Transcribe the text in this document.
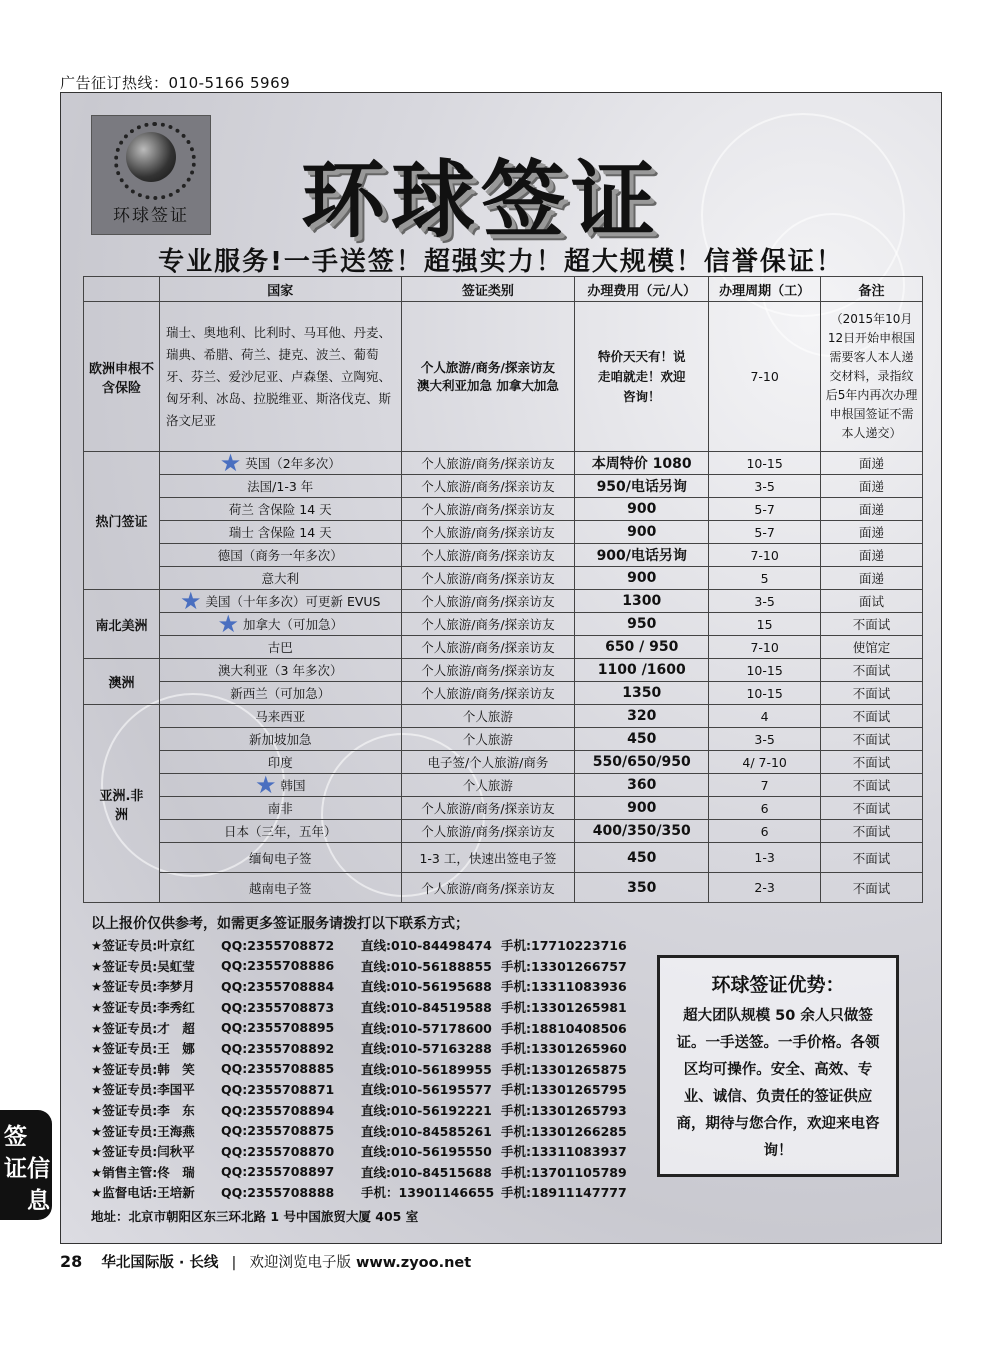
广告征订热线：010-5166 5969
环球签证 环球签证
专业服务!一手送签！超强实力！超大规模！信誉保证！
	国家	签证类别	办理费用（元/人）	办理周期（工）	备注
欧洲申根不含保险	瑞士、奥地利、比利时、马耳他、丹麦、瑞典、希腊、荷兰、捷克、波兰、葡萄牙、芬兰、爱沙尼亚、卢森堡、立陶宛、匈牙利、冰岛、拉脱维亚、斯洛伐克、斯洛文尼亚	个人旅游/商务/探亲访友 澳大利亚加急 加拿大加急	特价天天有！说走咱就走！欢迎咨询！	7-10	（2015年10月12日开始申根国需要客人本人递交材料，录指纹后5年内再次办理申根国签证不需本人递交）
热门签证	★ 英国（2年多次）	个人旅游/商务/探亲访友	本周特价 1080	10-15	面递
	法国/1-3 年	个人旅游/商务/探亲访友	950/电话另询	3-5	面递
	荷兰 含保险 14 天	个人旅游/商务/探亲访友	900	5-7	面递
	瑞士 含保险 14 天	个人旅游/商务/探亲访友	900	5-7	面递
	德国（商务一年多次）	个人旅游/商务/探亲访友	900/电话另询	7-10	面递
	意大利	个人旅游/商务/探亲访友	900	5	面递
南北美洲	★ 美国（十年多次）可更新 EVUS	个人旅游/商务/探亲访友	1300	3-5	面试
	★ 加拿大（可加急）	个人旅游/商务/探亲访友	950	15	不面试
	古巴	个人旅游/商务/探亲访友	650 / 950	7-10	使馆定
澳洲	澳大利亚（3 年多次）	个人旅游/商务/探亲访友	1100 /1600	10-15	不面试
	新西兰（可加急）	个人旅游/商务/探亲访友	1350	10-15	不面试
亚洲.非洲	马来西亚	个人旅游	320	4	不面试
	新加坡加急	个人旅游	450	3-5	不面试
	印度	电子签/个人旅游/商务	550/650/950	4/ 7-10	不面试
	★ 韩国	个人旅游	360	7	不面试
	南非	个人旅游/商务/探亲访友	900	6	不面试
	日本（三年，五年）	个人旅游/商务/探亲访友	400/350/350	6	不面试
	缅甸电子签	1-3 工，快速出签电子签	450	1-3	不面试
	越南电子签	个人旅游/商务/探亲访友	350	2-3	不面试
以上报价仅供参考，如需更多签证服务请拨打以下联系方式；
★签证专员:叶京红	QQ:2355708872	直线:010-84498474 手机:17710223716
★签证专员:吴虹莹	QQ:2355708886	直线:010-56188855 手机:13301266757
★签证专员:李梦月	QQ:2355708884	直线:010-56195688 手机:13311083936
★签证专员:李秀红	QQ:2355708873	直线:010-84519588 手机:13301265981
★签证专员:才　超	QQ:2355708895	直线:010-57178600 手机:18810408506
★签证专员:王　娜	QQ:2355708892	直线:010-57163288 手机:13301265960
★签证专员:韩　笑	QQ:2355708885	直线:010-56189955 手机:13301265875
★签证专员:李国平	QQ:2355708871	直线:010-56195577 手机:13301265795
★签证专员:李　东	QQ:2355708894	直线:010-56192221 手机:13301265793
★签证专员:王海燕	QQ:2355708875	直线:010-84585261 手机:13301266285
★签证专员:闫秋平	QQ:2355708870	直线:010-56195550 手机:13311083937
★销售主管:佟　瑞	QQ:2355708897	直线:010-84515688 手机:13701105789
★监督电话:王培新	QQ:2355708888	手机：13901146655 手机:18911147777
地址：北京市朝阳区东三环北路 1 号中国旅贸大厦 405 室
环球签证优势：
超大团队规模 50 余人只做签证。一手送签。一手价格。各领区均可操作。安全、高效、专业、诚信、负责任的签证供应商，期待与您合作，欢迎来电咨询！
签
证 信
息
28 华北国际版 · 长线 | 欢迎浏览电子版 www.zyoo.net
